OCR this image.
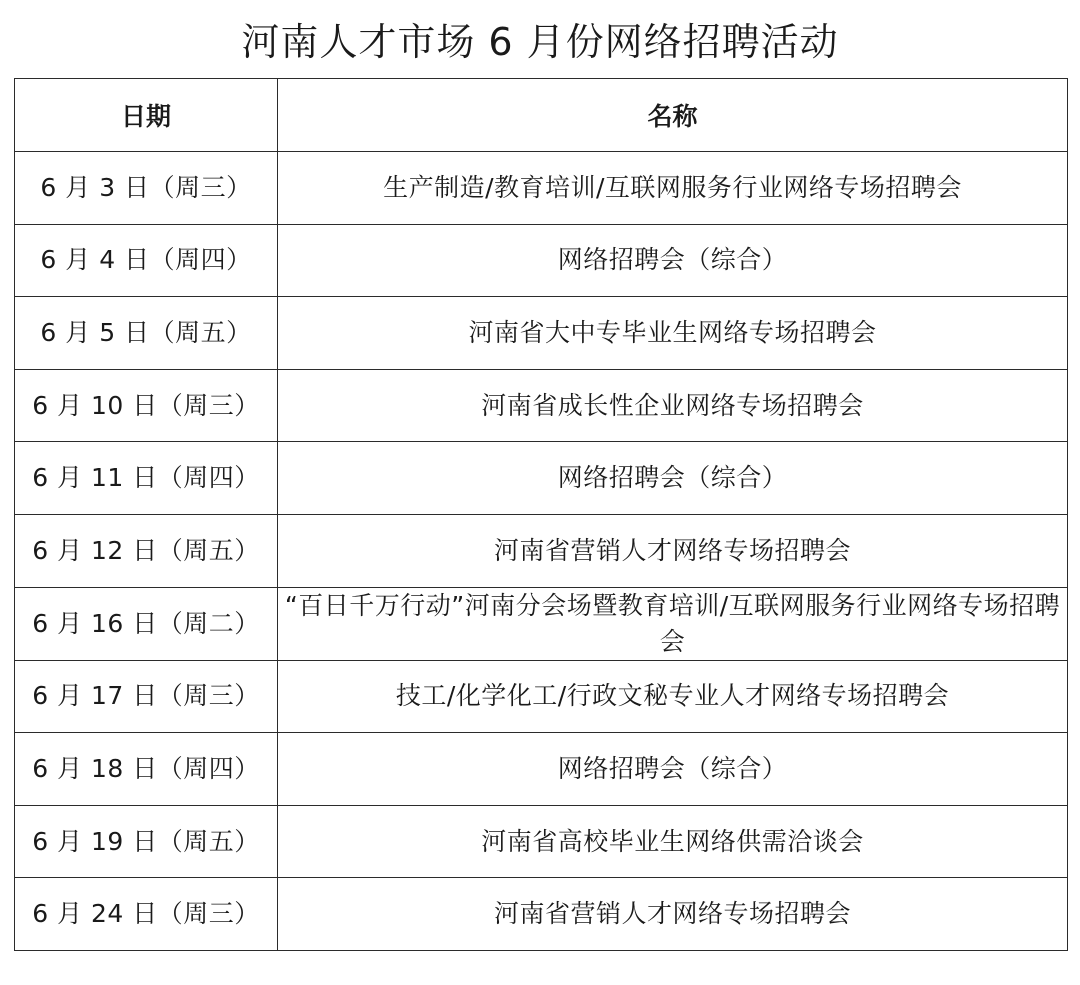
河南人才市场 6 月份网络招聘活动
日期	名称
6 月 3 日（周三）	生产制造/教育培训/互联网服务行业网络专场招聘会
6 月 4 日（周四）	网络招聘会（综合）
6 月 5 日（周五）	河南省大中专毕业生网络专场招聘会
6 月 10 日（周三）	河南省成长性企业网络专场招聘会
6 月 11 日（周四）	网络招聘会（综合）
6 月 12 日（周五）	河南省营销人才网络专场招聘会
6 月 16 日（周二）	“百日千万行动”河南分会场暨教育培训/互联网服务行业网络专场招聘会
6 月 17 日（周三）	技工/化学化工/行政文秘专业人才网络专场招聘会
6 月 18 日（周四）	网络招聘会（综合）
6 月 19 日（周五）	河南省高校毕业生网络供需洽谈会
6 月 24 日（周三）	河南省营销人才网络专场招聘会
